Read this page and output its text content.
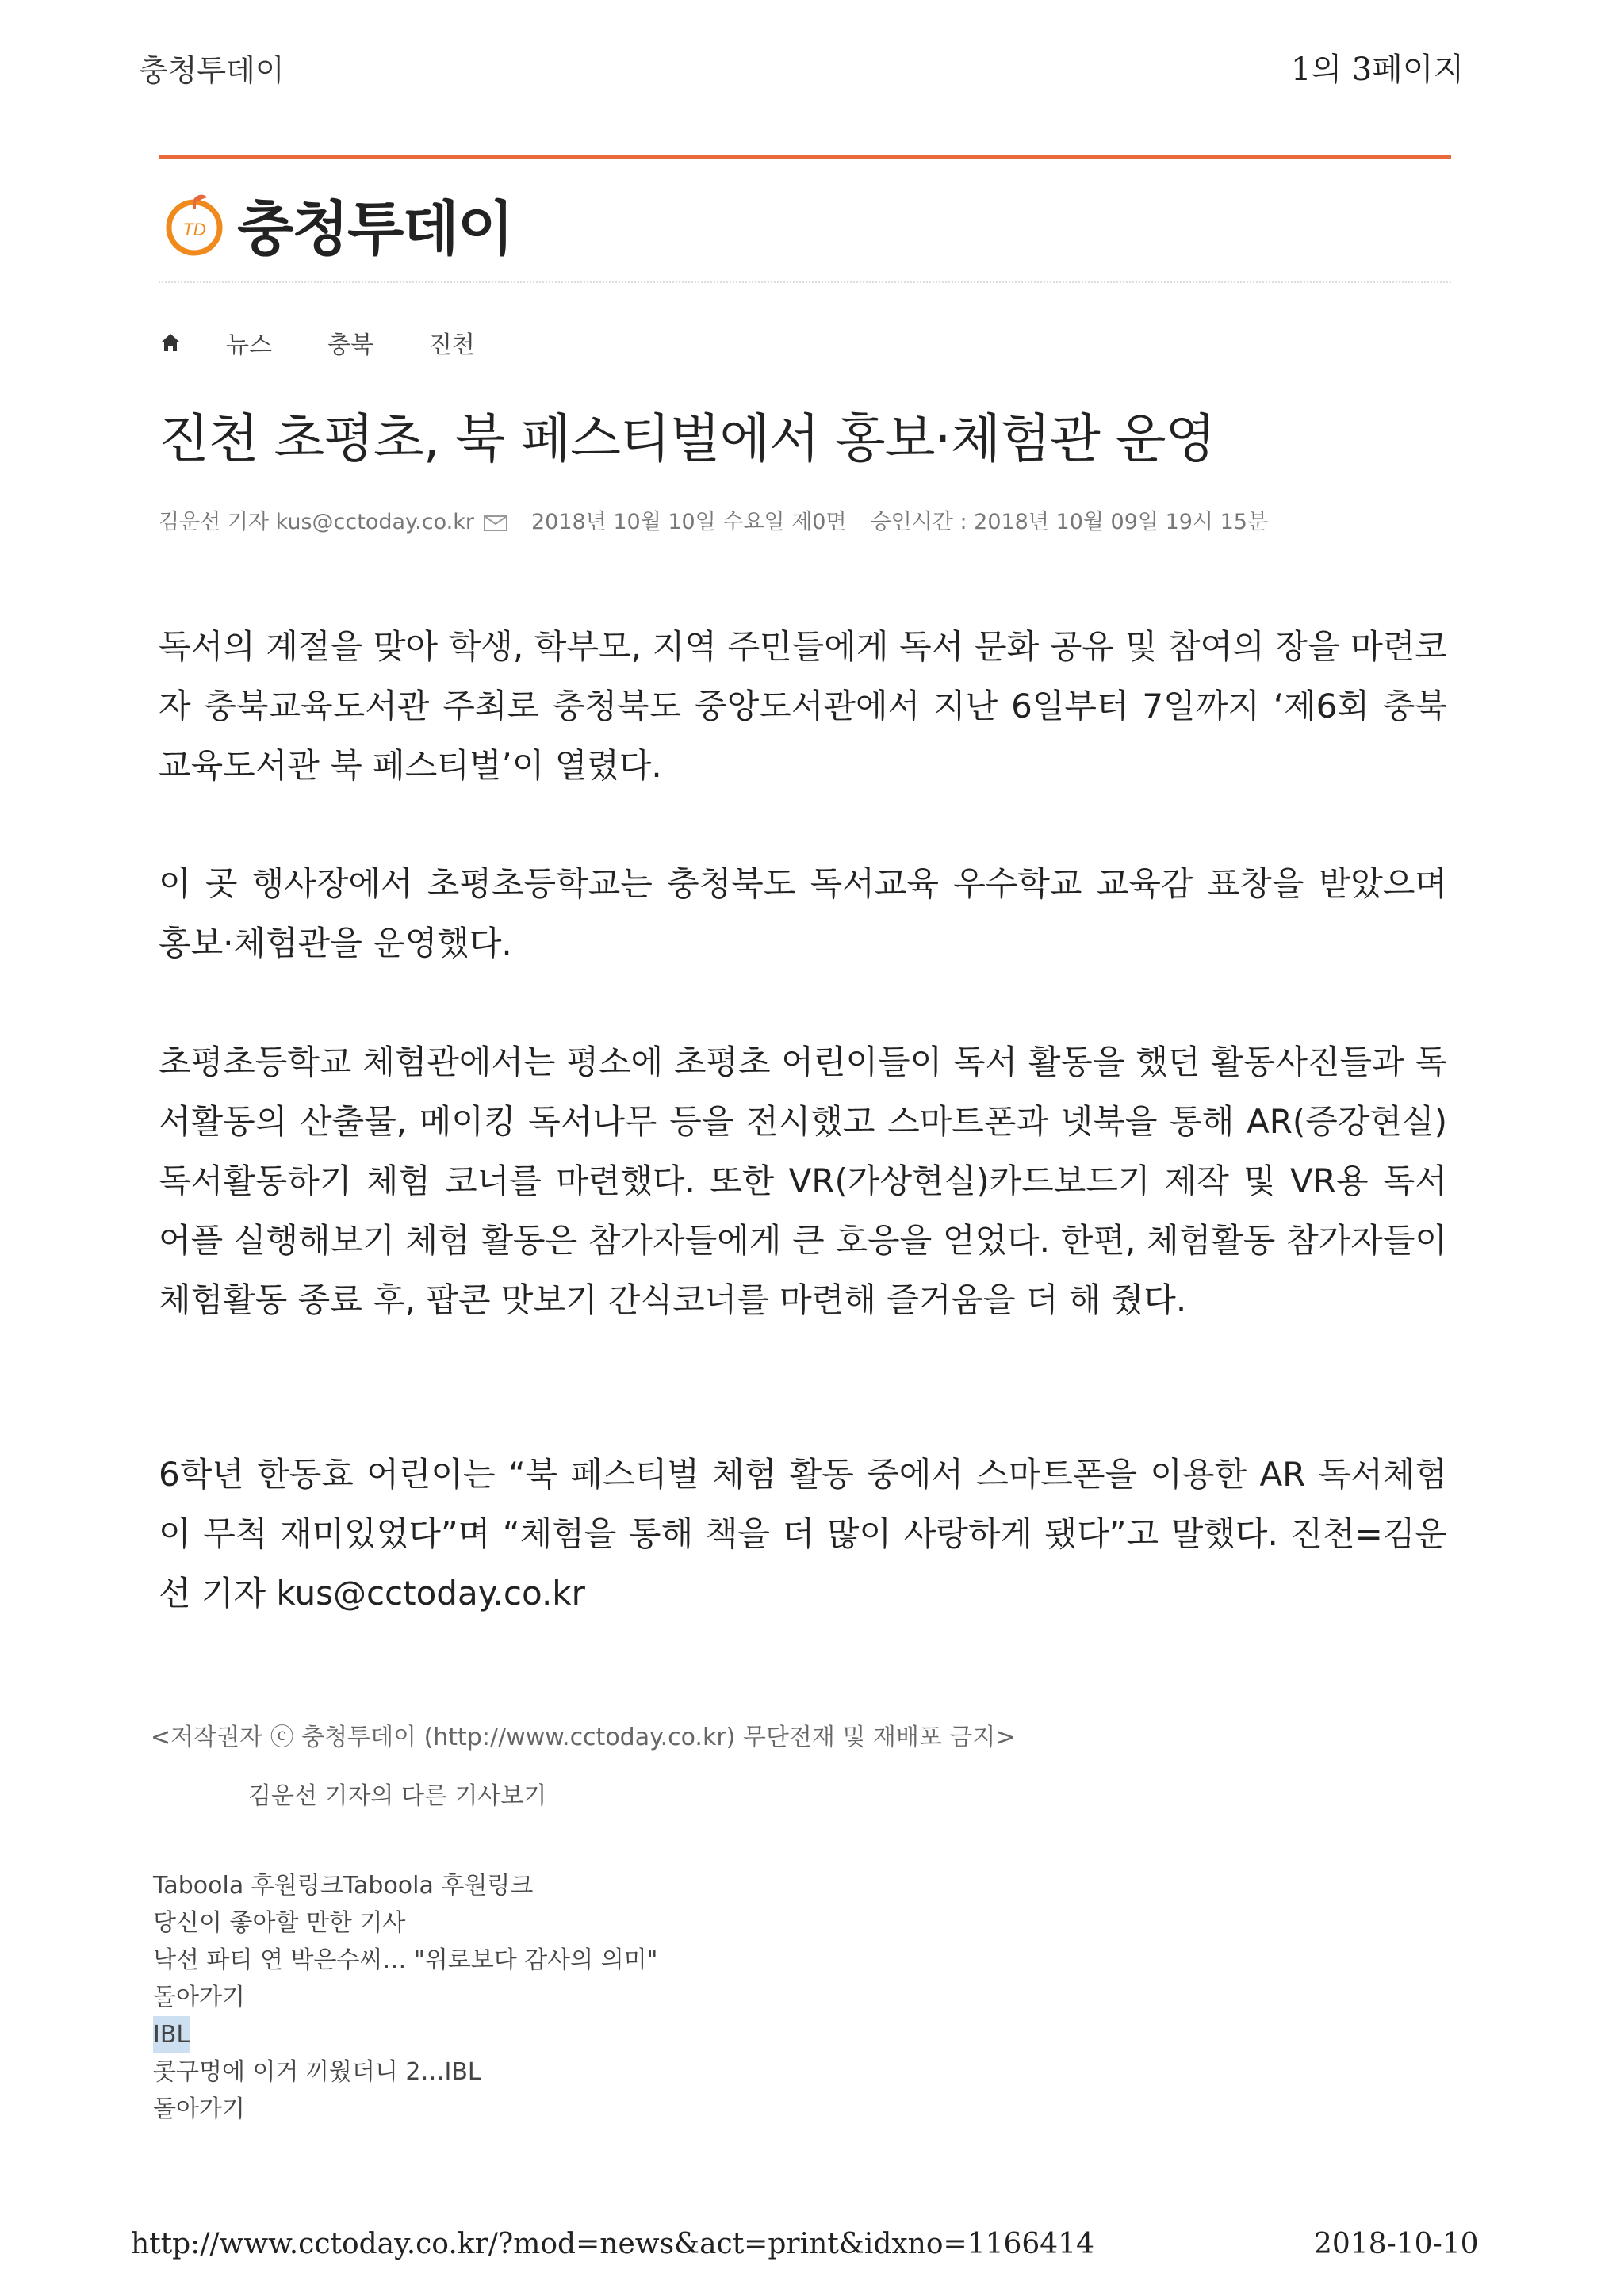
충청투데이	1의 3페이지
TD 충청투데이
뉴스 충북 진천
진천 초평초, 북 페스티벌에서 홍보·체험관 운영
김운선 기자 kus@cctoday.co.kr	2018년 10월 10일 수요일 제0면 승인시간 : 2018년 10월 09일 19시 15분

독서의 계절을 맞아 학생, 학부모, 지역 주민들에게 독서 문화 공유 및 참여의 장을 마련코자 충북교육도서관 주최로 충청북도 중앙도서관에서 지난 6일부터 7일까지 ‘제6회 충북교육도서관 북 페스티벌’이 열렸다.

이 곳 행사장에서 초평초등학교는 충청북도 독서교육 우수학교 교육감 표창을 받았으며 홍보·체험관을 운영했다.

초평초등학교 체험관에서는 평소에 초평초 어린이들이 독서 활동을 했던 활동사진들과 독서활동의 산출물, 메이킹 독서나무 등을 전시했고 스마트폰과 넷북을 통해 AR(증강현실)독서활동하기 체험 코너를 마련했다. 또한 VR(가상현실)카드보드기 제작 및 VR용 독서 어플 실행해보기 체험 활동은 참가자들에게 큰 호응을 얻었다. 한편, 체험활동 참가자들이 체험활동 종료 후, 팝콘 맛보기 간식코너를 마련해 즐거움을 더 해 줬다.

6학년 한동효 어린이는 “북 페스티벌 체험 활동 중에서 스마트폰을 이용한 AR 독서체험이 무척 재미있었다”며 “체험을 통해 책을 더 많이 사랑하게 됐다”고 말했다. 진천=김운선 기자 kus@cctoday.co.kr

<저작권자 ⓒ 충청투데이 (http://www.cctoday.co.kr) 무단전재 및 재배포 금지>
김운선 기자의 다른 기사보기
Taboola 후원링크Taboola 후원링크
당신이 좋아할 만한 기사
낙선 파티 연 박은수씨… "위로보다 감사의 의미"
돌아가기
IBL
콧구멍에 이거 끼웠더니 2…IBL
돌아가기
http://www.cctoday.co.kr/?mod=news&act=print&idxno=1166414	2018-10-10
